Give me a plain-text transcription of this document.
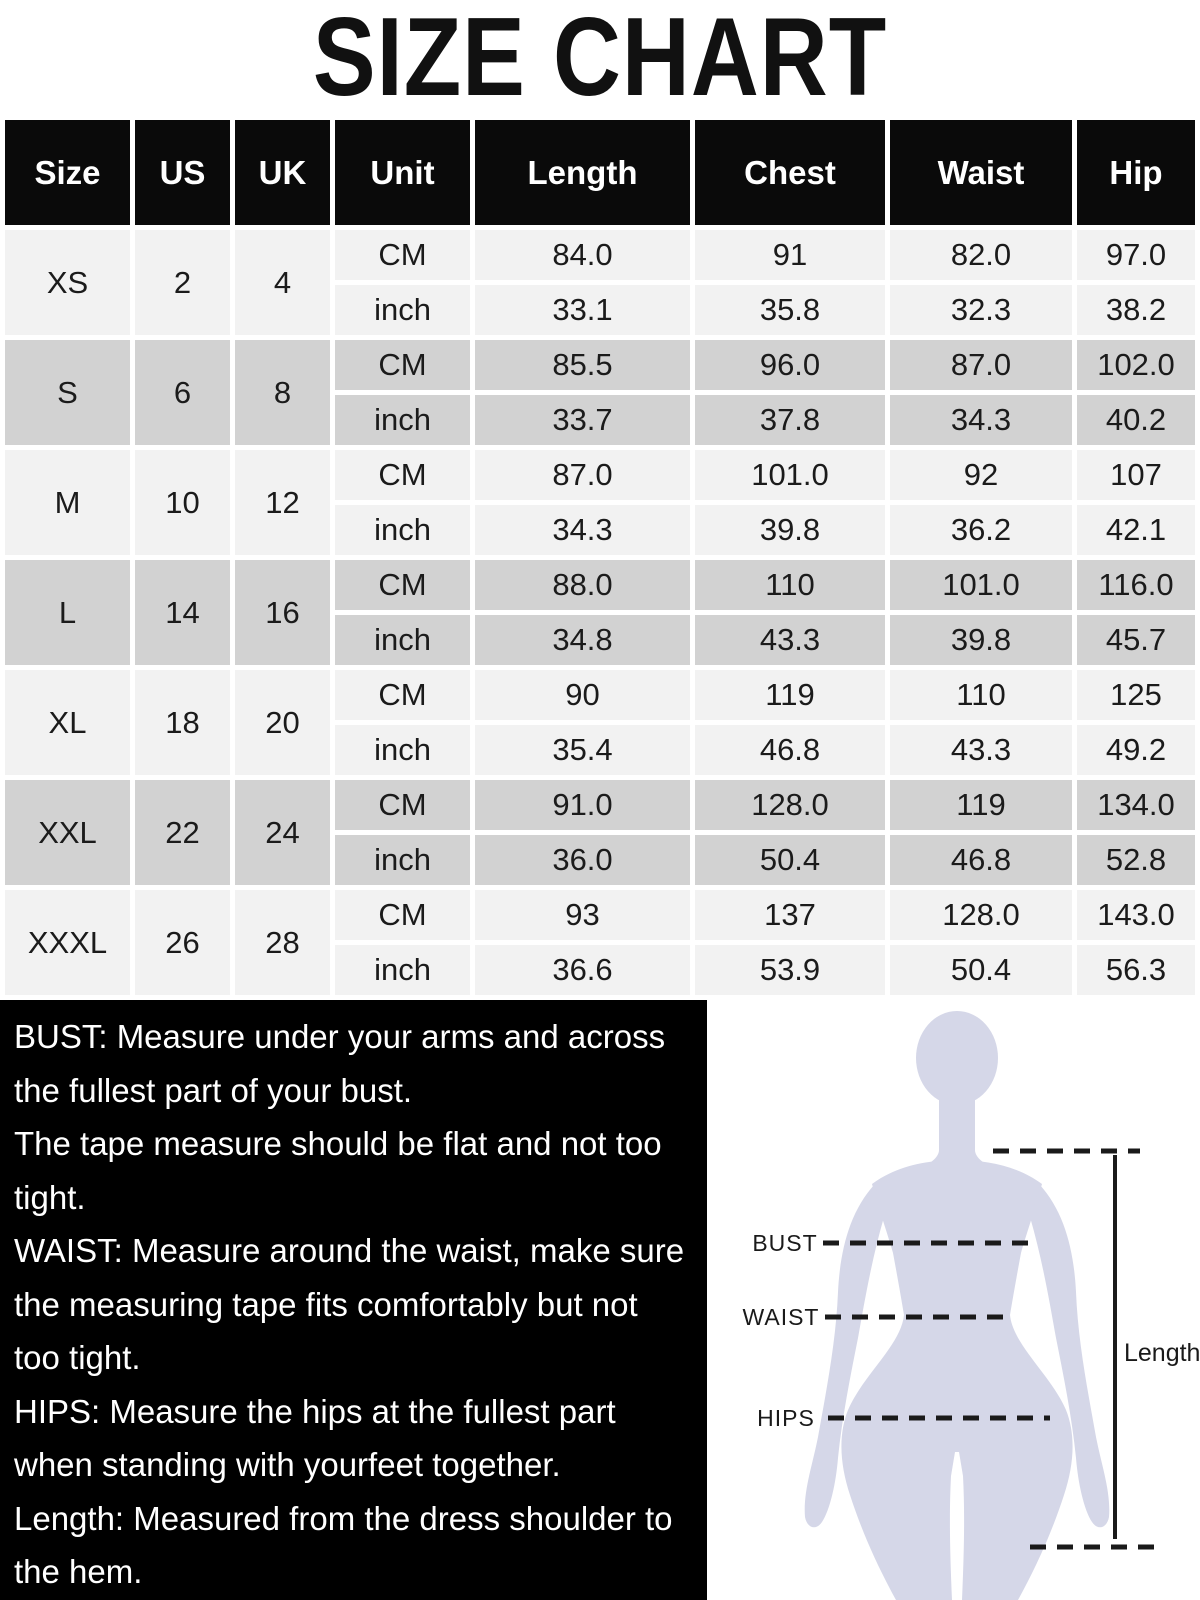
SIZE CHART
Size	US	UK	Unit	Length	Chest	Waist	Hip
XS	2	4	CM	84.0	91	82.0	97.0
			inch	33.1	35.8	32.3	38.2
S	6	8	CM	85.5	96.0	87.0	102.0
			inch	33.7	37.8	34.3	40.2
M	10	12	CM	87.0	101.0	92	107
			inch	34.3	39.8	36.2	42.1
L	14	16	CM	88.0	110	101.0	116.0
			inch	34.8	43.3	39.8	45.7
XL	18	20	CM	90	119	110	125
			inch	35.4	46.8	43.3	49.2
XXL	22	24	CM	91.0	128.0	119	134.0
			inch	36.0	50.4	46.8	52.8
XXXL	26	28	CM	93	137	128.0	143.0
			inch	36.6	53.9	50.4	56.3
BUST: Measure under your arms and across
the fullest part of your bust.
The tape measure should be flat and not too
tight.
WAIST: Measure around the waist, make sure
the measuring tape fits comfortably but not
too tight.
HIPS: Measure the hips at the fullest part
when standing with yourfeet together.
Length: Measured from the dress shoulder to
the hem.
BUST
WAIST
HIPS
Length
